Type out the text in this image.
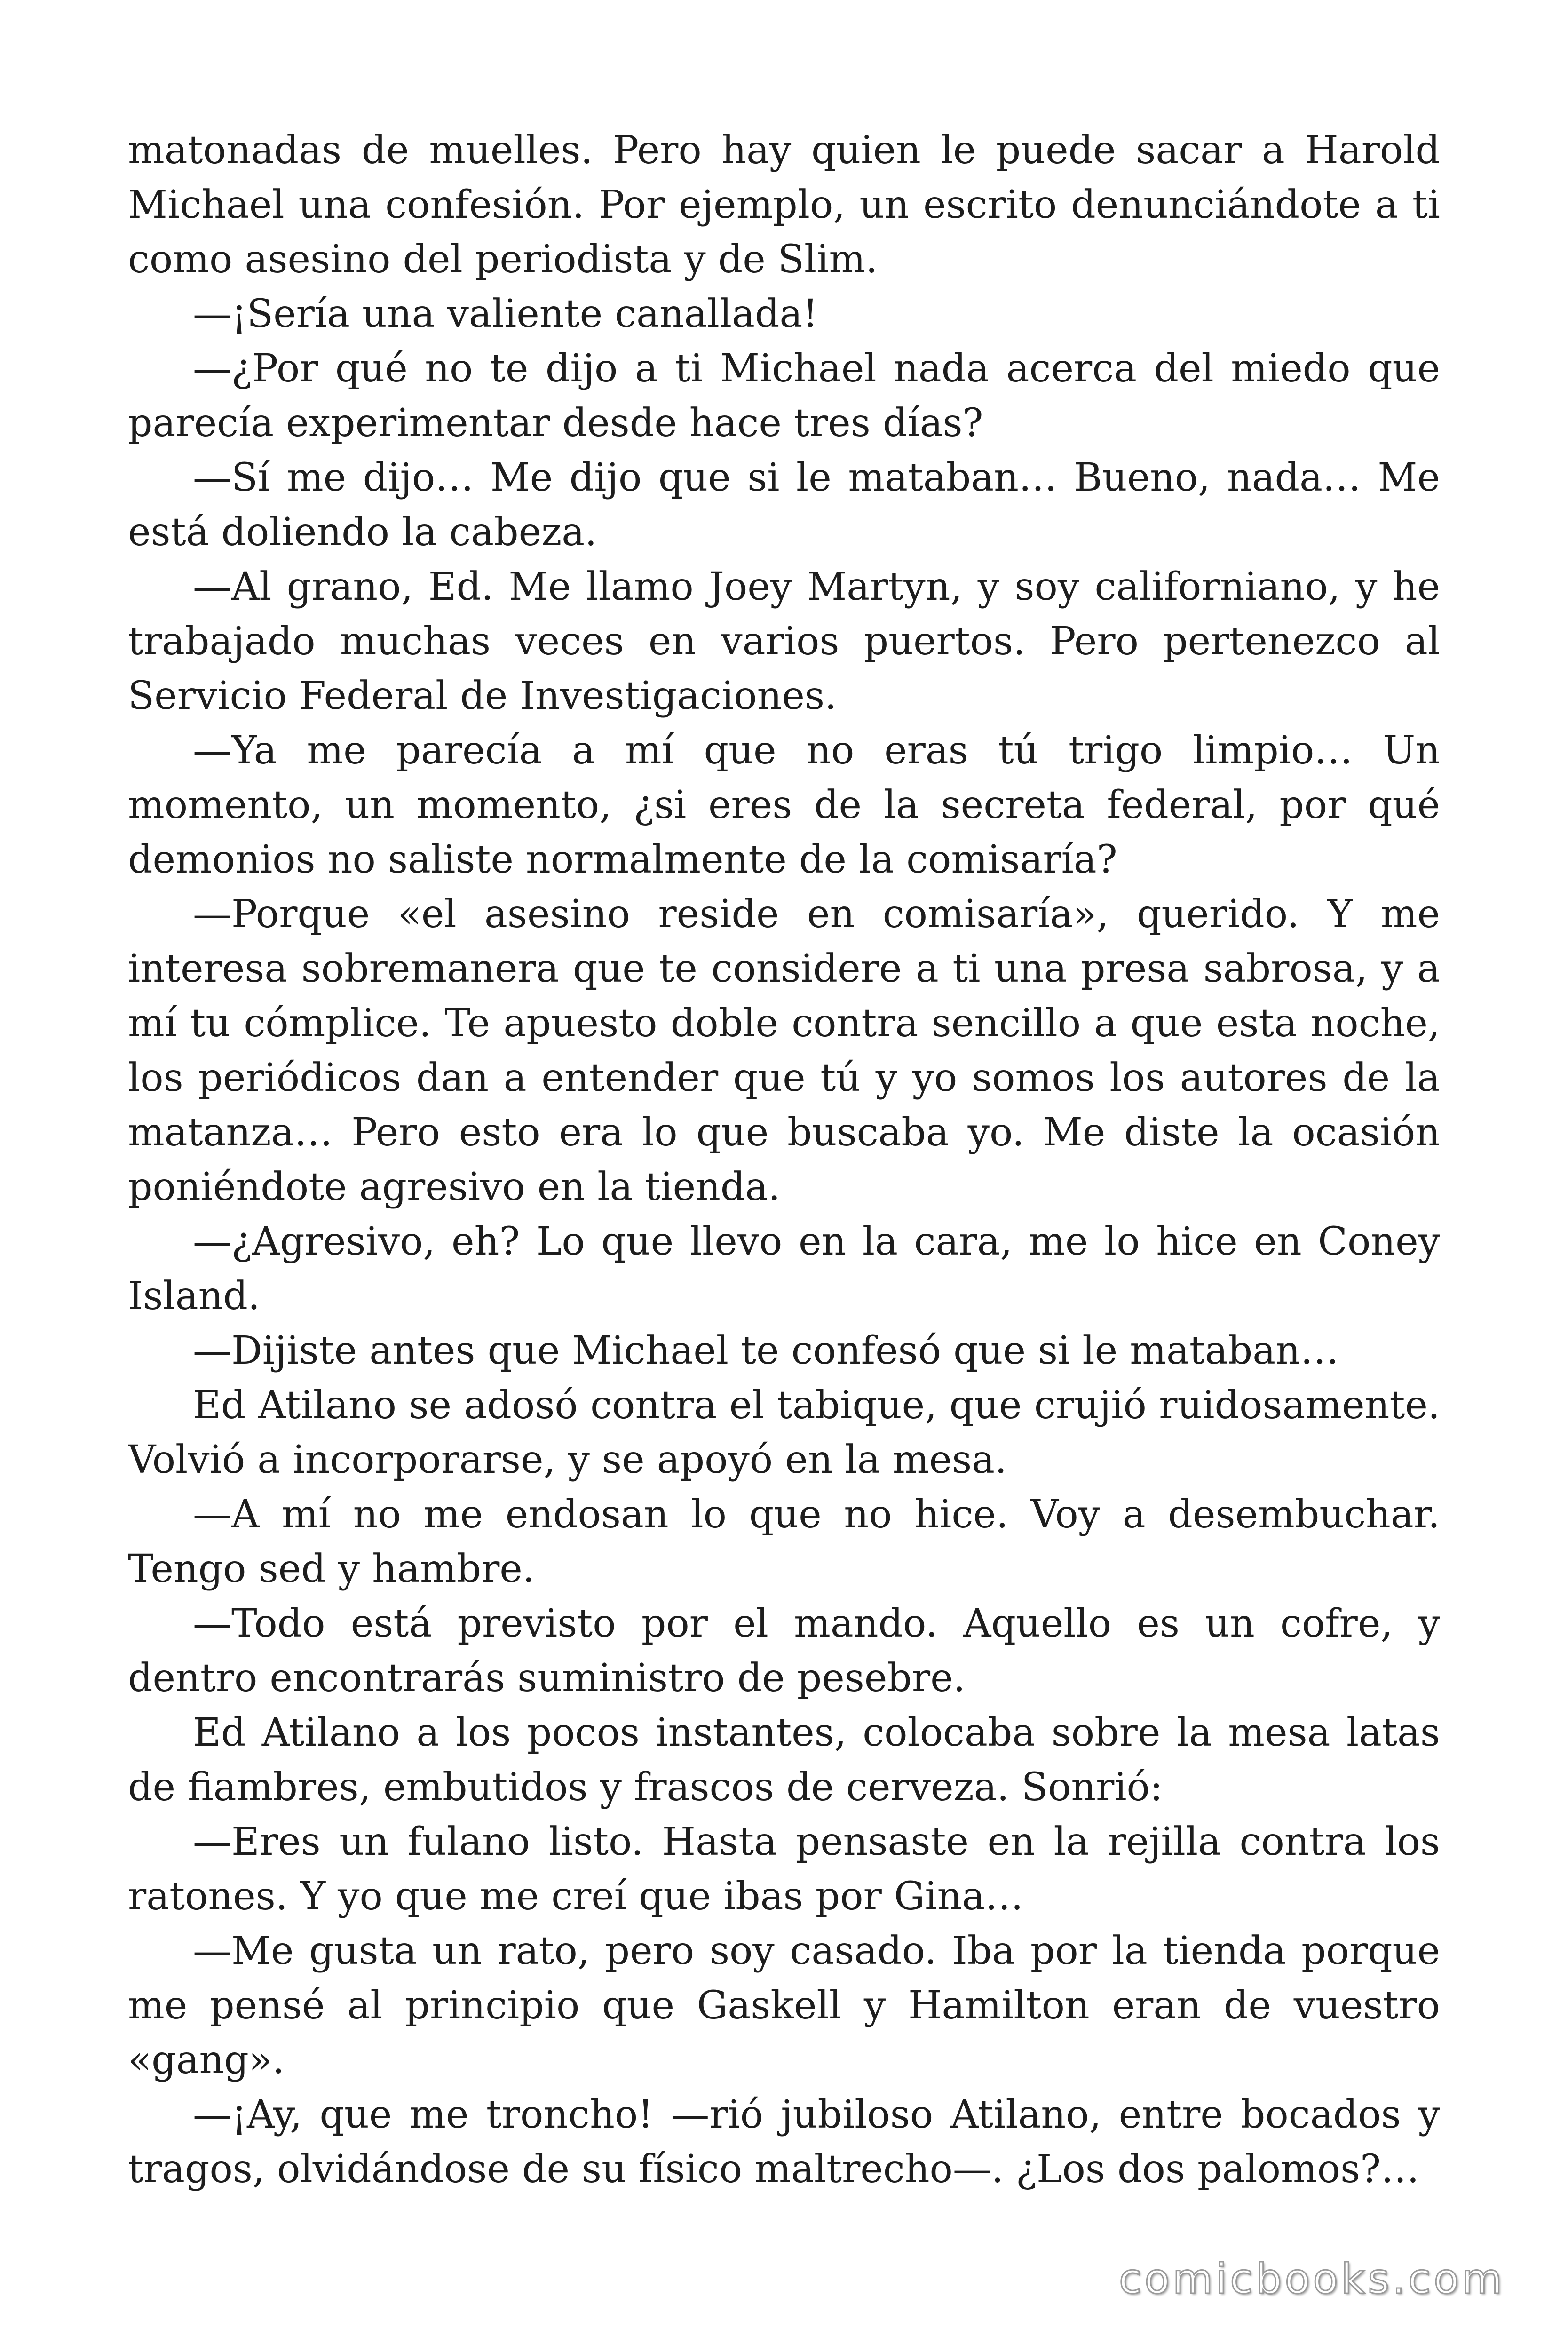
matonadas de muelles. Pero hay quien le puede sacar a Harold Michael una confesión. Por ejemplo, un escrito denunciándote a ti como asesino del periodista y de Slim.

—¡Sería una valiente canallada!

—¿Por qué no te dijo a ti Michael nada acerca del miedo que parecía experimentar desde hace tres días?

—Sí me dijo… Me dijo que si le mataban… Bueno, nada… Me está doliendo la cabeza.

—Al grano, Ed. Me llamo Joey Martyn, y soy californiano, y he trabajado muchas veces en varios puertos. Pero pertenezco al Servicio Federal de Investigaciones.

—Ya me parecía a mí que no eras tú trigo limpio… Un momento, un momento, ¿si eres de la secreta federal, por qué demonios no saliste normalmente de la comisaría?

—Porque «el asesino reside en comisaría», querido. Y me interesa sobremanera que te considere a ti una presa sabrosa, y a mí tu cómplice. Te apuesto doble contra sencillo a que esta noche, los periódicos dan a entender que tú y yo somos los autores de la matanza… Pero esto era lo que buscaba yo. Me diste la ocasión poniéndote agresivo en la tienda.

—¿Agresivo, eh? Lo que llevo en la cara, me lo hice en Coney Island.

—Dijiste antes que Michael te confesó que si le mataban…

Ed Atilano se adosó contra el tabique, que crujió ruidosamente. Volvió a incorporarse, y se apoyó en la mesa.

—A mí no me endosan lo que no hice. Voy a desembuchar. Tengo sed y hambre.

—Todo está previsto por el mando. Aquello es un cofre, y dentro encontrarás suministro de pesebre.

Ed Atilano a los pocos instantes, colocaba sobre la mesa latas de fiambres, embutidos y frascos de cerveza. Sonrió:

—Eres un fulano listo. Hasta pensaste en la rejilla contra los ratones. Y yo que me creí que ibas por Gina…

—Me gusta un rato, pero soy casado. Iba por la tienda porque me pensé al principio que Gaskell y Hamilton eran de vuestro «gang».

—¡Ay, que me troncho! —rió jubiloso Atilano, entre bocados y tragos, olvidándose de su físico maltrecho—. ¿Los dos palomos?…

comicbooks.com
